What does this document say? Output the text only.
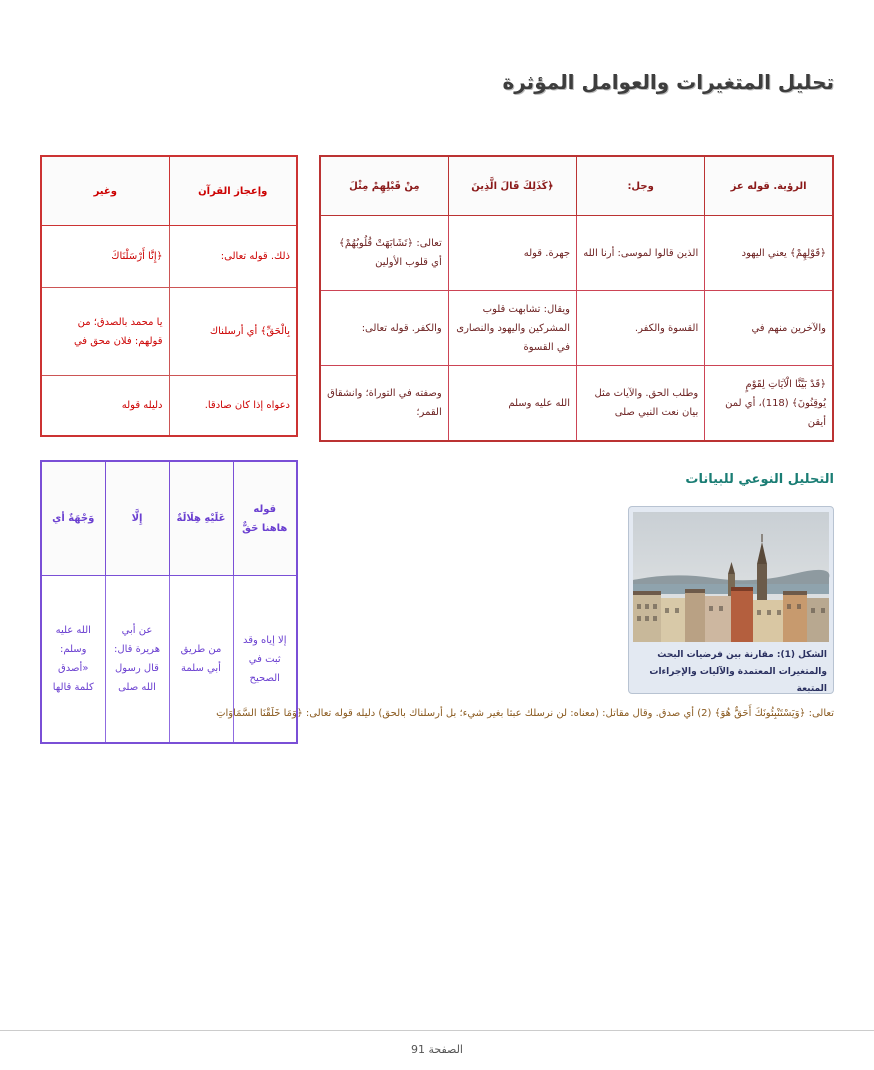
تحليل المتغيرات والعوامل المؤثرة
الرؤية. قوله عز	وجل:	﴿كَذَلِكَ قَالَ الَّذِينَ	مِنْ قَبْلِهِمْ مِثْلَ
﴿قَوْلِهِمْ﴾ يعني اليهود	الذين قالوا لموسى: أرنا الله	جهرة. قوله	تعالى: ﴿تَشَابَهَتْ قُلُوبُهُمْ﴾ أي قلوب الأولين
والآخرين منهم في	القسوة والكفر.	ويقال: تشابهت قلوب المشركين واليهود والنصارى في القسوة	والكفر. قوله تعالى:
﴿قَدْ بَيَّنَّا الْآيَاتِ لِقَوْمٍ يُوقِنُونَ﴾ (118)، أي لمن أيقن	وطلب الحق. والآيات مثل بيان نعت النبي صلى	الله عليه وسلم	وصفته في التوراة؛ وانشقاق القمر؛
وإعجاز القرآن	وغير
ذلك. قوله تعالى:	﴿إِنَّا أَرْسَلْنَاكَ
بِالْحَقِّ﴾ أي أرسلناك	يا محمد بالصدق؛ من قولهم: فلان محق في
دعواه إذا كان صادقا.	دليله قوله
قوله هاهنا حَقٌّ	عَلَيْهِ هِلَالَةٌ	إِلَّا	وَجْهَةٌ أي
إلا إياه وقد ثبت في الصحيح	من طريق أبي سلمة	عن أبي هريرة قال: قال رسول الله صلى	الله عليه وسلم: «أصدق كلمة قالها
التحليل النوعي للبيانات
الشكل (1): مقارنة بين فرضيات البحث والمتغيرات المعتمدة والآليات والإجراءات المتبعة

تعالى: ﴿وَيَسْتَنْبِئُونَكَ أَحَقٌّ هُوَ﴾ (2) أي صدق. وقال مقاتل: (معناه: لن نرسلك عبثا بغير شيء؛ بل أرسلناك بالحق) دليله قوله تعالى: ﴿وَمَا خَلَقْنَا السَّمَاوَاتِ

الصفحة 91
